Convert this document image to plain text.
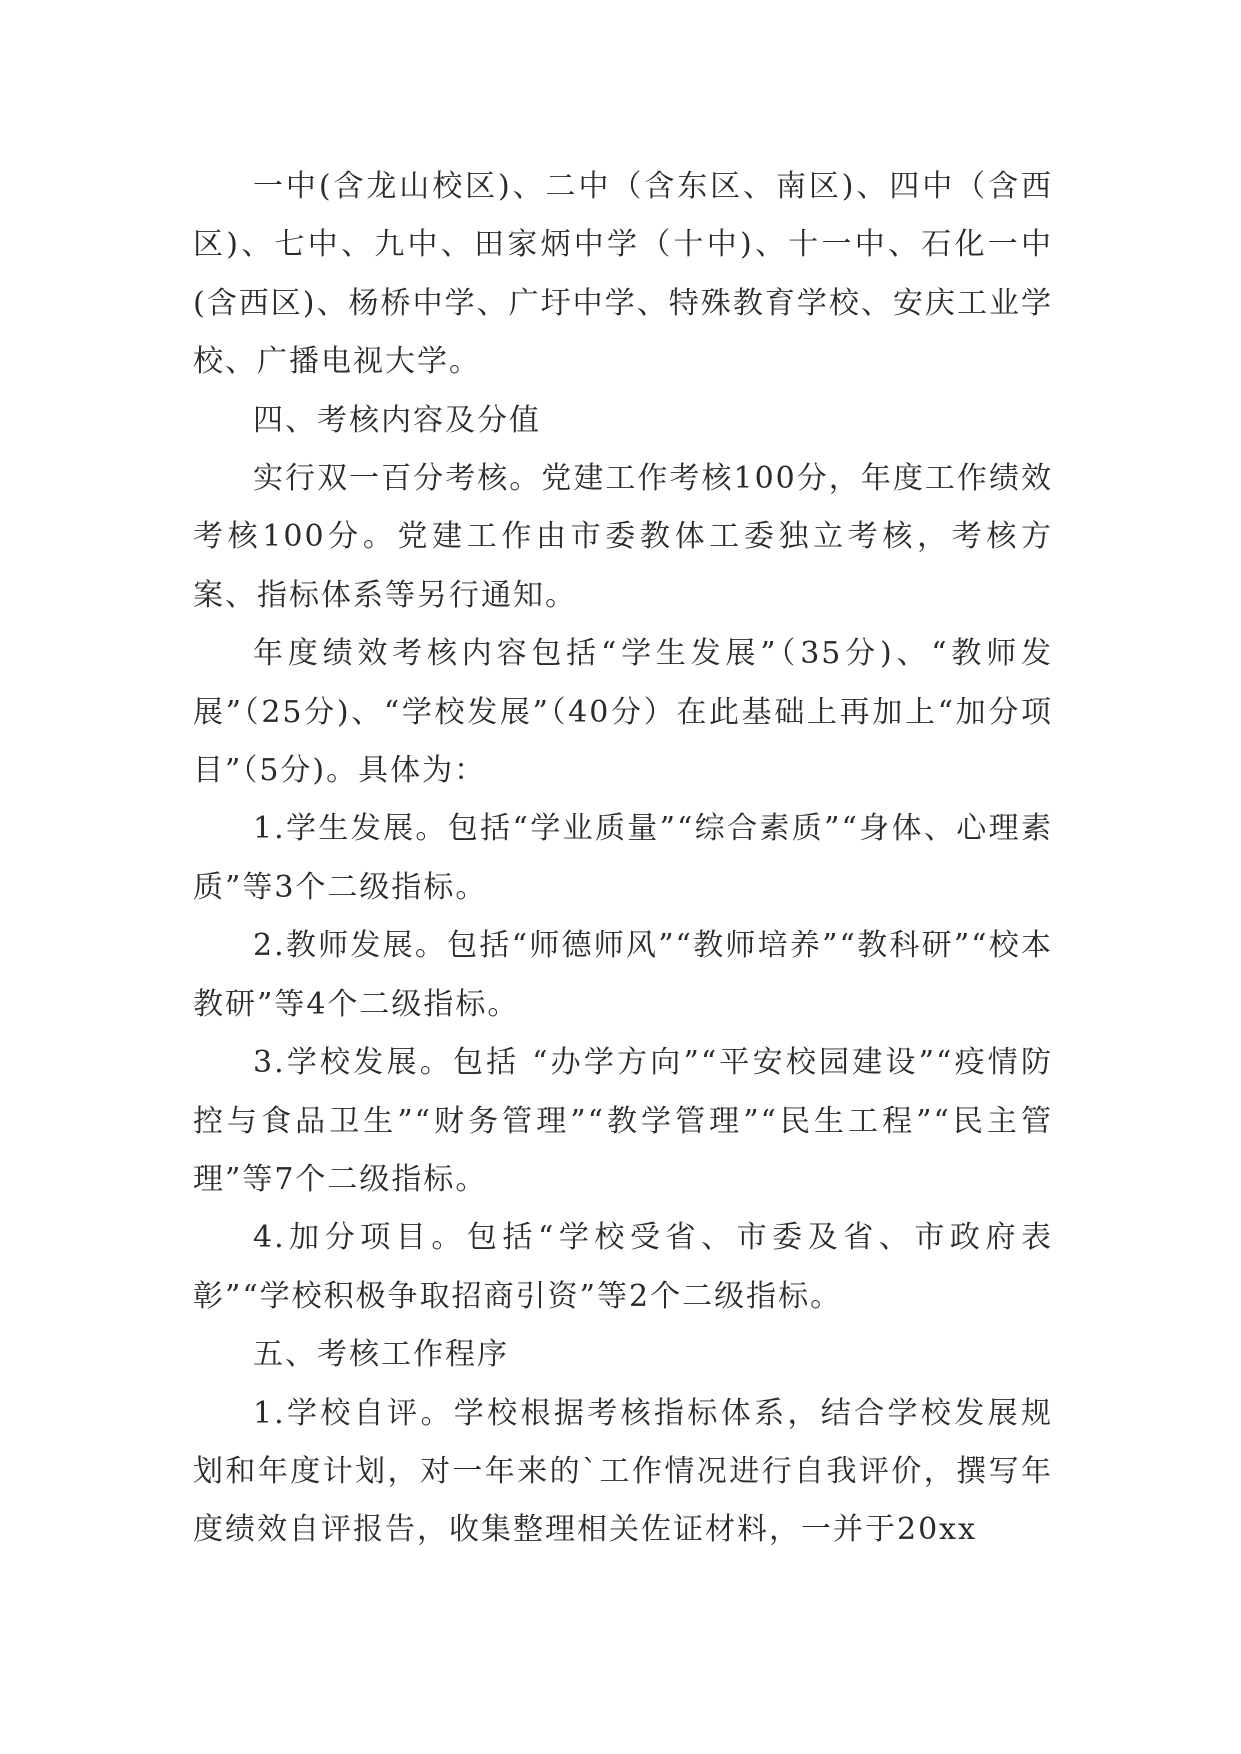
一中(含龙山校区)、二中（含东区、南区)、四中（含西区)、七中、九中、田家炳中学（十中)、十一中、石化一中(含西区)、杨桥中学、广圩中学、特殊教育学校、安庆工业学校、广播电视大学。

四、考核内容及分值

实行双一百分考核。党建工作考核100分，年度工作绩效考核100分。党建工作由市委教体工委独立考核，考核方案、指标体系等另行通知。

年度绩效考核内容包括“学生发展”（35分)、“教师发展”（25分)、“学校发展”（40分）在此基础上再加上“加分项目”（5分)。具体为：

1.学生发展。包括“学业质量”“综合素质”“身体、心理素质”等3个二级指标。

2.教师发展。包括“师德师风”“教师培养”“教科研”“校本教研”等4个二级指标。

3.学校发展。包括 “办学方向”“平安校园建设”“疫情防控与食品卫生”“财务管理”“教学管理”“民生工程”“民主管理”等7个二级指标。

4.加分项目。包括“学校受省、市委及省、市政府表彰”“学校积极争取招商引资”等2个二级指标。

五、考核工作程序

1.学校自评。学校根据考核指标体系，结合学校发展规划和年度计划，对一年来的`工作情况进行自我评价，撰写年度绩效自评报告，收集整理相关佐证材料，一并于20xx
